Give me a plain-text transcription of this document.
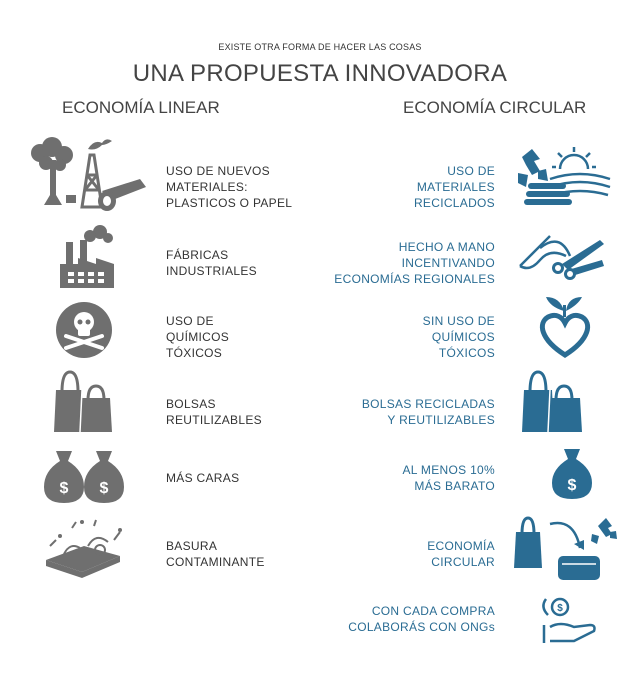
EXISTE OTRA FORMA DE HACER LAS COSAS
UNA PROPUESTA INNOVADORA
ECONOMÍA LINEAR	ECONOMÍA CIRCULAR
USO DE NUEVOS
MATERIALES:
PLASTICOS O PAPEL
USO DE
MATERIALES
RECICLADOS
FÁBRICAS
INDUSTRIALES
HECHO A MANO
INCENTIVANDO
ECONOMÍAS REGIONALES
USO DE
QUÍMICOS
TÓXICOS
SIN USO DE
QUÍMICOS
TÓXICOS
BOLSAS
REUTILIZABLES
BOLSAS RECICLADAS
Y REUTILIZABLES
$ $
MÁS CARAS
AL MENOS 10%
MÁS BARATO	$
BASURA
CONTAMINANTE
ECONOMÍA
CIRCULAR
CON CADA COMPRA
COLABORÁS CON ONGs
$
